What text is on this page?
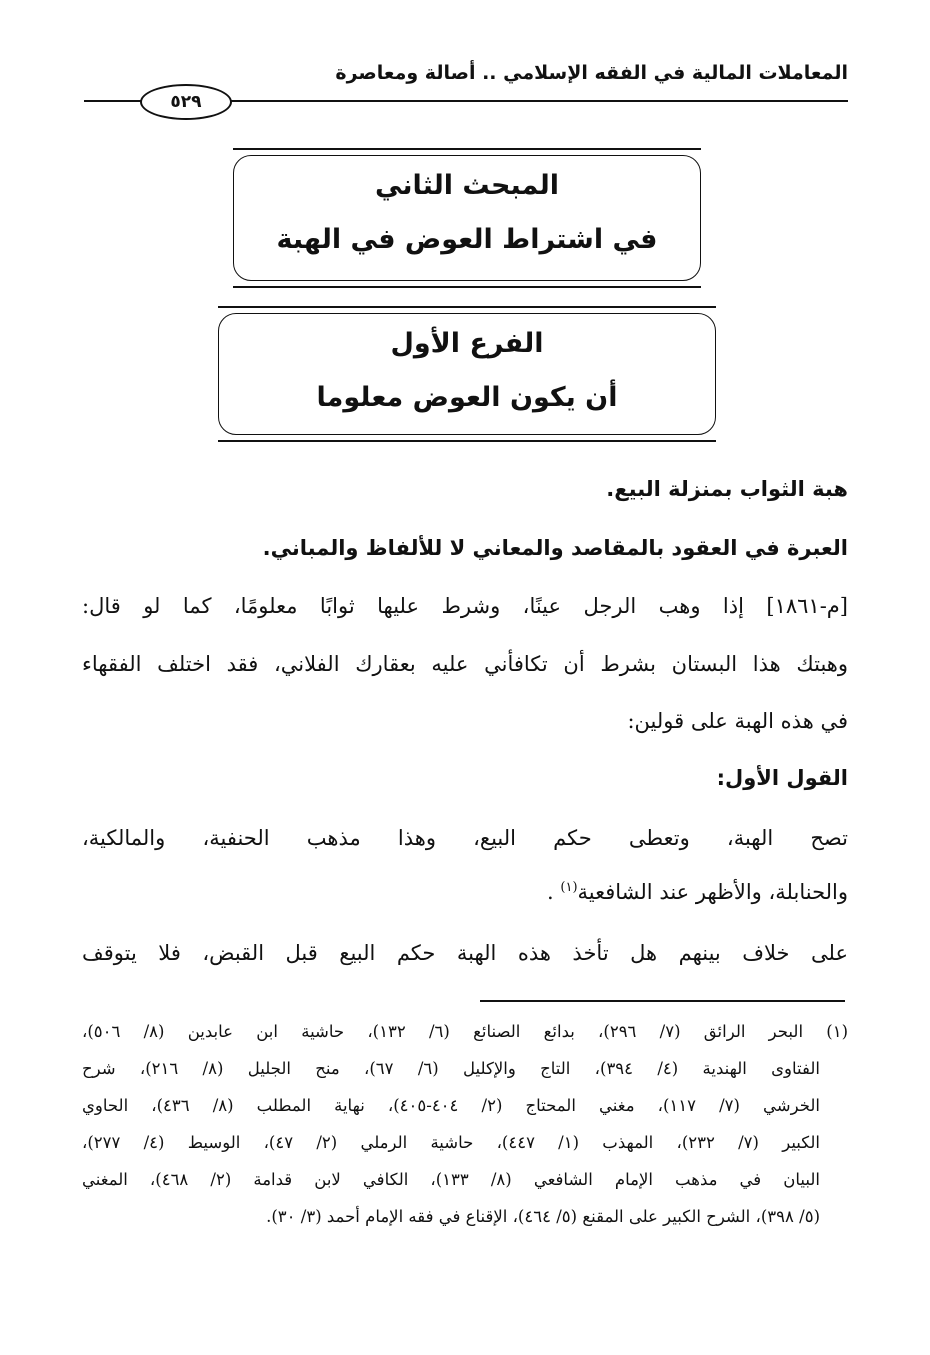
المعاملات المالية في الفقه الإسلامي .. أصالة ومعاصرة
٥٢٩
المبحث الثاني
في اشتراط العوض في الهبة
الفرع الأول
أن يكون العوض معلوما
هبة الثواب بمنزلة البيع.
العبرة في العقود بالمقاصد والمعاني لا للألفاظ والمباني.
[م-١٨٦١] إذا وهب الرجل عينًا، وشرط عليها ثوابًا معلومًا، كما لو قال:
وهبتك هذا البستان بشرط أن تكافأني عليه بعقارك الفلاني، فقد اختلف الفقهاء
في هذه الهبة على قولين:
القول الأول:
تصح الهبة، وتعطى حكم البيع، وهذا مذهب الحنفية، والمالكية،
والحنابلة، والأظهر عند الشافعية$^{(١)}$ .
على خلاف بينهم هل تأخذ هذه الهبة حكم البيع قبل القبض، فلا يتوقف
(١) البحر الرائق (٧/ ٢٩٦)، بدائع الصنائع (٦/ ١٣٢)، حاشية ابن عابدين (٨/ ٥٠٦)،
الفتاوى الهندية (٤/ ٣٩٤)، التاج والإكليل (٦/ ٦٧)، منح الجليل (٨/ ٢١٦)، شرح
الخرشي (٧/ ١١٧)، مغني المحتاج (٢/ ٤٠٤-٤٠٥)، نهاية المطلب (٨/ ٤٣٦)، الحاوي
الكبير (٧/ ٢٣٢)، المهذب (١/ ٤٤٧)، حاشية الرملي (٢/ ٤٧)، الوسيط (٤/ ٢٧٧)،
البيان في مذهب الإمام الشافعي (٨/ ١٣٣)، الكافي لابن قدامة (٢/ ٤٦٨)، المغني
(٥/ ٣٩٨)، الشرح الكبير على المقنع (٥/ ٤٦٤)، الإقناع في فقه الإمام أحمد (٣/ ٣٠).
